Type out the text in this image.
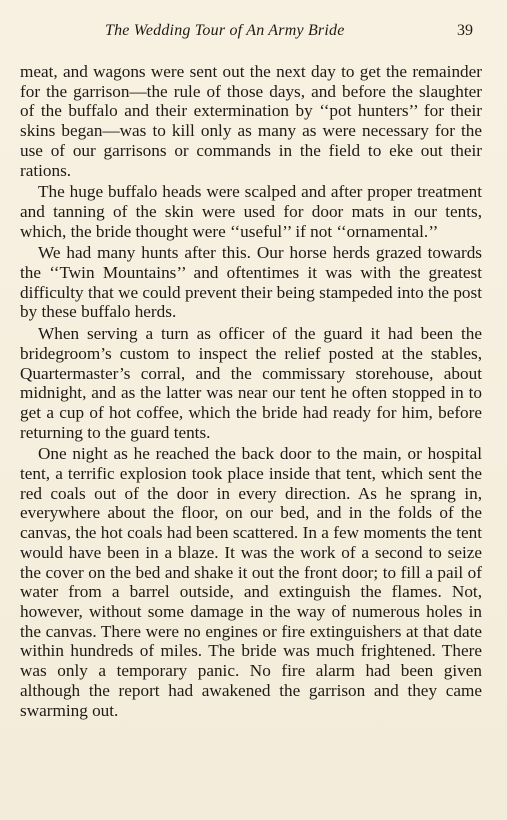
The Wedding Tour of An Army Bride	39

meat, and wagons were sent out the next day to get the remainder for the garrison—the rule of those days, and before the slaughter of the buffalo and their extermination by ‘‘pot hunters’’ for their skins began—was to kill only as many as were necessary for the use of our garrisons or commands in the field to eke out their rations.

The huge buffalo heads were scalped and after proper treatment and tanning of the skin were used for door mats in our tents, which, the bride thought were ‘‘useful’’ if not ‘‘ornamental.’’

We had many hunts after this. Our horse herds grazed towards the ‘‘Twin Mountains’’ and oftentimes it was with the greatest difficulty that we could prevent their being stampeded into the post by these buffalo herds.

When serving a turn as officer of the guard it had been the bridegroom’s custom to inspect the relief posted at the stables, Quartermaster’s corral, and the commissary storehouse, about midnight, and as the latter was near our tent he often stopped in to get a cup of hot coffee, which the bride had ready for him, before returning to the guard tents.

One night as he reached the back door to the main, or hospital tent, a terrific explosion took place inside that tent, which sent the red coals out of the door in every direction. As he sprang in, everywhere about the floor, on our bed, and in the folds of the canvas, the hot coals had been scattered. In a few moments the tent would have been in a blaze. It was the work of a second to seize the cover on the bed and shake it out the front door; to fill a pail of water from a barrel outside, and extinguish the flames. Not, however, without some damage in the way of numerous holes in the canvas. There were no engines or fire extinguishers at that date within hundreds of miles. The bride was much frightened. There was only a temporary panic. No fire alarm had been given although the report had awakened the garrison and they came swarming out.
